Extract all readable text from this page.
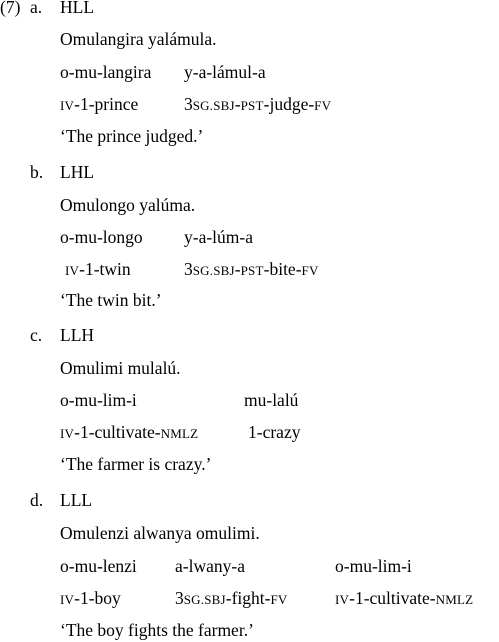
(7) a. HLL
Omulangira yalámula.
o-mu-langira y-a-lámul-a
IV-1-prince	3SG.SBJ-PST-judge-FV
‘The prince judged.’
b. LHL
Omulongo yalúma.
o-mu-longo y-a-lúm-a
IV-1-twin	3SG.SBJ-PST-bite-FV
‘The twin bit.’
c. LLH
Omulimi mulalú.
o-mu-lim-i	mu-lalú
IV-1-cultivate-NMLZ	1-crazy
‘The farmer is crazy.’
d. LLL
Omulenzi alwanya omulimi.
o-mu-lenzi a-lwany-a	o-mu-lim-i
IV-1-boy	3SG.SBJ-fight-FV	IV-1-cultivate-NMLZ
‘The boy fights the farmer.’
